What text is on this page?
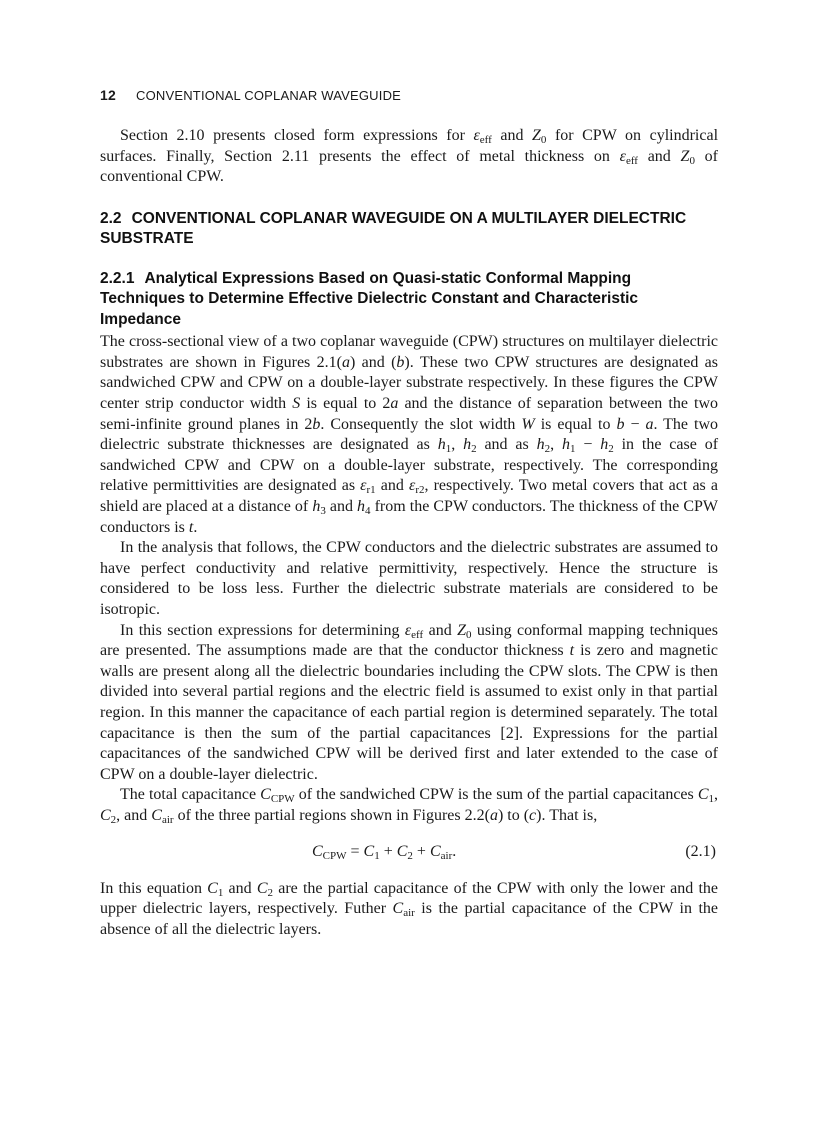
12 CONVENTIONAL COPLANAR WAVEGUIDE

Section 2.10 presents closed form expressions for $\varepsilon_{eff}$ and $Z_0$ for CPW on cylindrical surfaces. Finally, Section 2.11 presents the effect of metal thickness on $\varepsilon_{eff}$ and $Z_0$ of conventional CPW.

2.2 CONVENTIONAL COPLANAR WAVEGUIDE ON A MULTILAYER DIELECTRIC SUBSTRATE
2.2.1 Analytical Expressions Based on Quasi-static Conformal Mapping Techniques to Determine Effective Dielectric Constant and Characteristic Impedance

The cross-sectional view of a two coplanar waveguide (CPW) structures on multilayer dielectric substrates are shown in Figures 2.1(a) and (b). These two CPW structures are designated as sandwiched CPW and CPW on a double-layer substrate respectively. In these figures the CPW center strip conductor width S is equal to 2a and the distance of separation between the two semi-infinite ground planes in 2b. Consequently the slot width W is equal to b − a. The two dielectric substrate thicknesses are designated as $h_1$, $h_2$ and as $h_2$, $h_1 - h_2$ in the case of sandwiched CPW and CPW on a double-layer substrate, respectively. The corresponding relative permittivities are designated as $\varepsilon_{r1}$ and $\varepsilon_{r2}$, respectively. Two metal covers that act as a shield are placed at a distance of $h_3$ and $h_4$ from the CPW conductors. The thickness of the CPW conductors is t.

In the analysis that follows, the CPW conductors and the dielectric substrates are assumed to have perfect conductivity and relative permittivity, respectively. Hence the structure is considered to be loss less. Further the dielectric substrate materials are considered to be isotropic.

In this section expressions for determining $\varepsilon_{eff}$ and $Z_0$ using conformal mapping techniques are presented. The assumptions made are that the conductor thickness t is zero and magnetic walls are present along all the dielectric boundaries including the CPW slots. The CPW is then divided into several partial regions and the electric field is assumed to exist only in that partial region. In this manner the capacitance of each partial region is determined separately. The total capacitance is then the sum of the partial capacitances [2]. Expressions for the partial capacitances of the sandwiched CPW will be derived first and later extended to the case of CPW on a double-layer dielectric.

The total capacitance $C_{CPW}$ of the sandwiched CPW is the sum of the partial capacitances $C_1$, $C_2$, and $C_{air}$ of the three partial regions shown in Figures 2.2(a) to (c). That is,

$C_{CPW} = C_1 + C_2 + C_{air}$.	(2.1)

In this equation $C_1$ and $C_2$ are the partial capacitance of the CPW with only the lower and the upper dielectric layers, respectively. Futher $C_{air}$ is the partial capacitance of the CPW in the absence of all the dielectric layers.
